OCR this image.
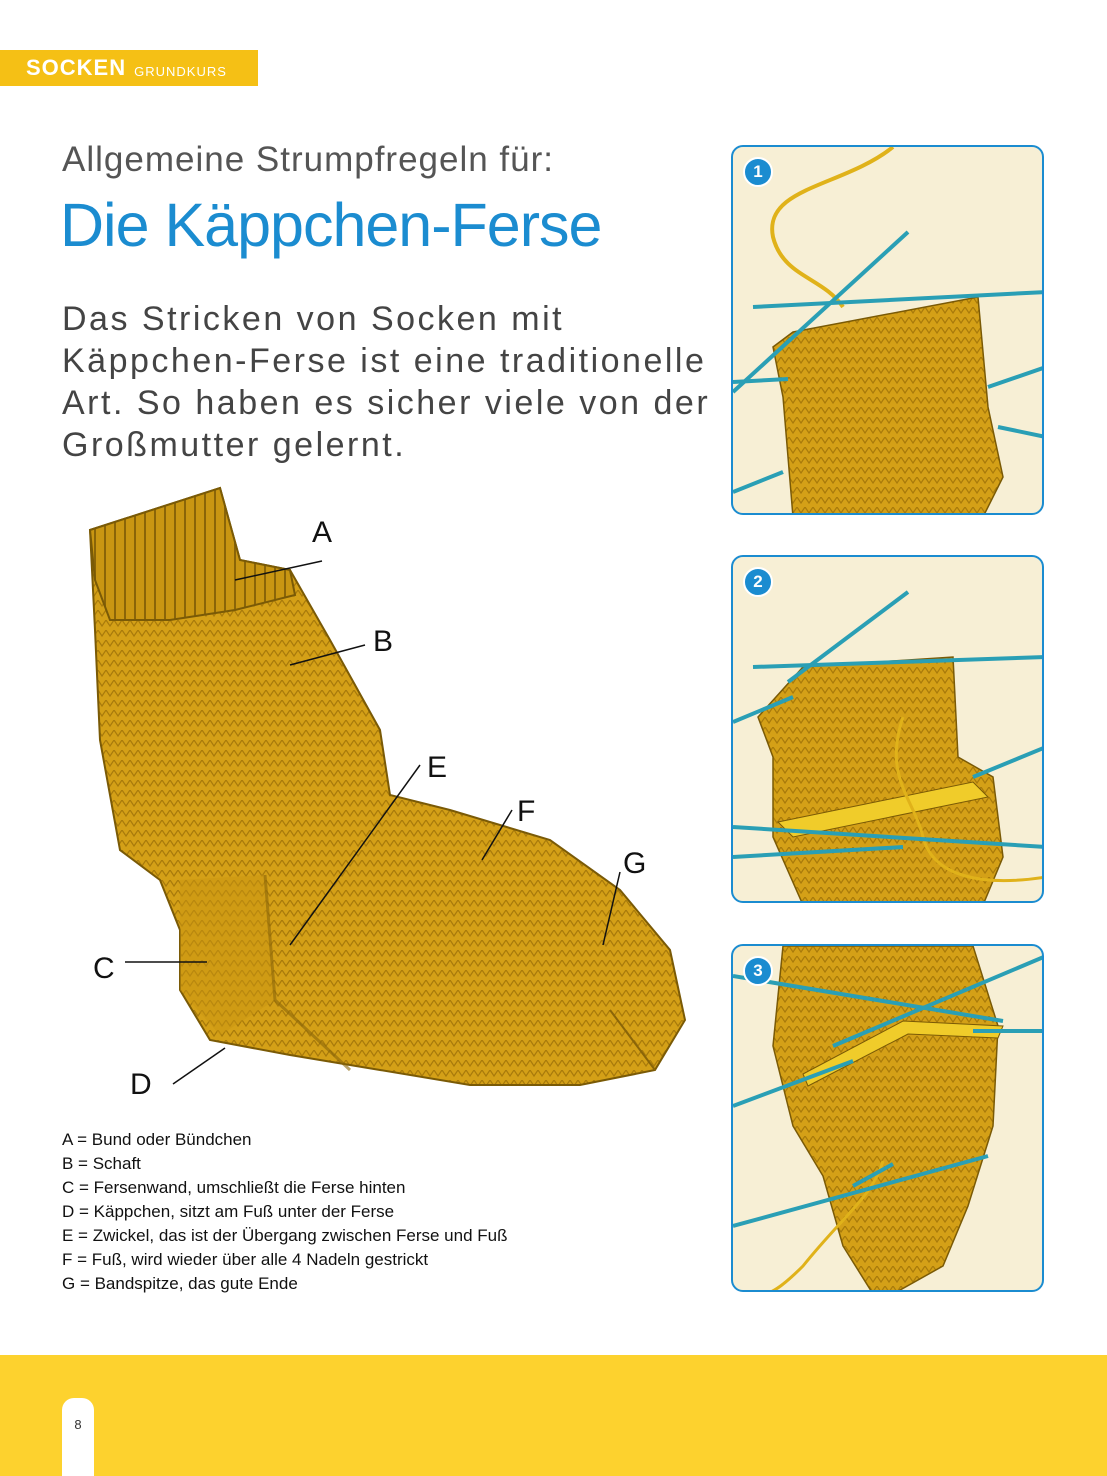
SOCKEN GRUNDKURS
Allgemeine Strumpfregeln für:
Die Käppchen-Ferse

Das Stricken von Socken mit Käppchen-Ferse ist eine traditionelle Art. So haben es sicher viele von der Großmutter gelernt.

A
B
E
F
G
C
D
A = Bund oder Bündchen
B = Schaft
C = Fersenwand, umschließt die Ferse hinten
D = Käppchen, sitzt am Fuß unter der Ferse
E = Zwickel, das ist der Übergang zwischen Ferse und Fuß
F = Fuß, wird wieder über alle 4 Nadeln gestrickt
G = Bandspitze, das gute Ende
1
2
3
8
